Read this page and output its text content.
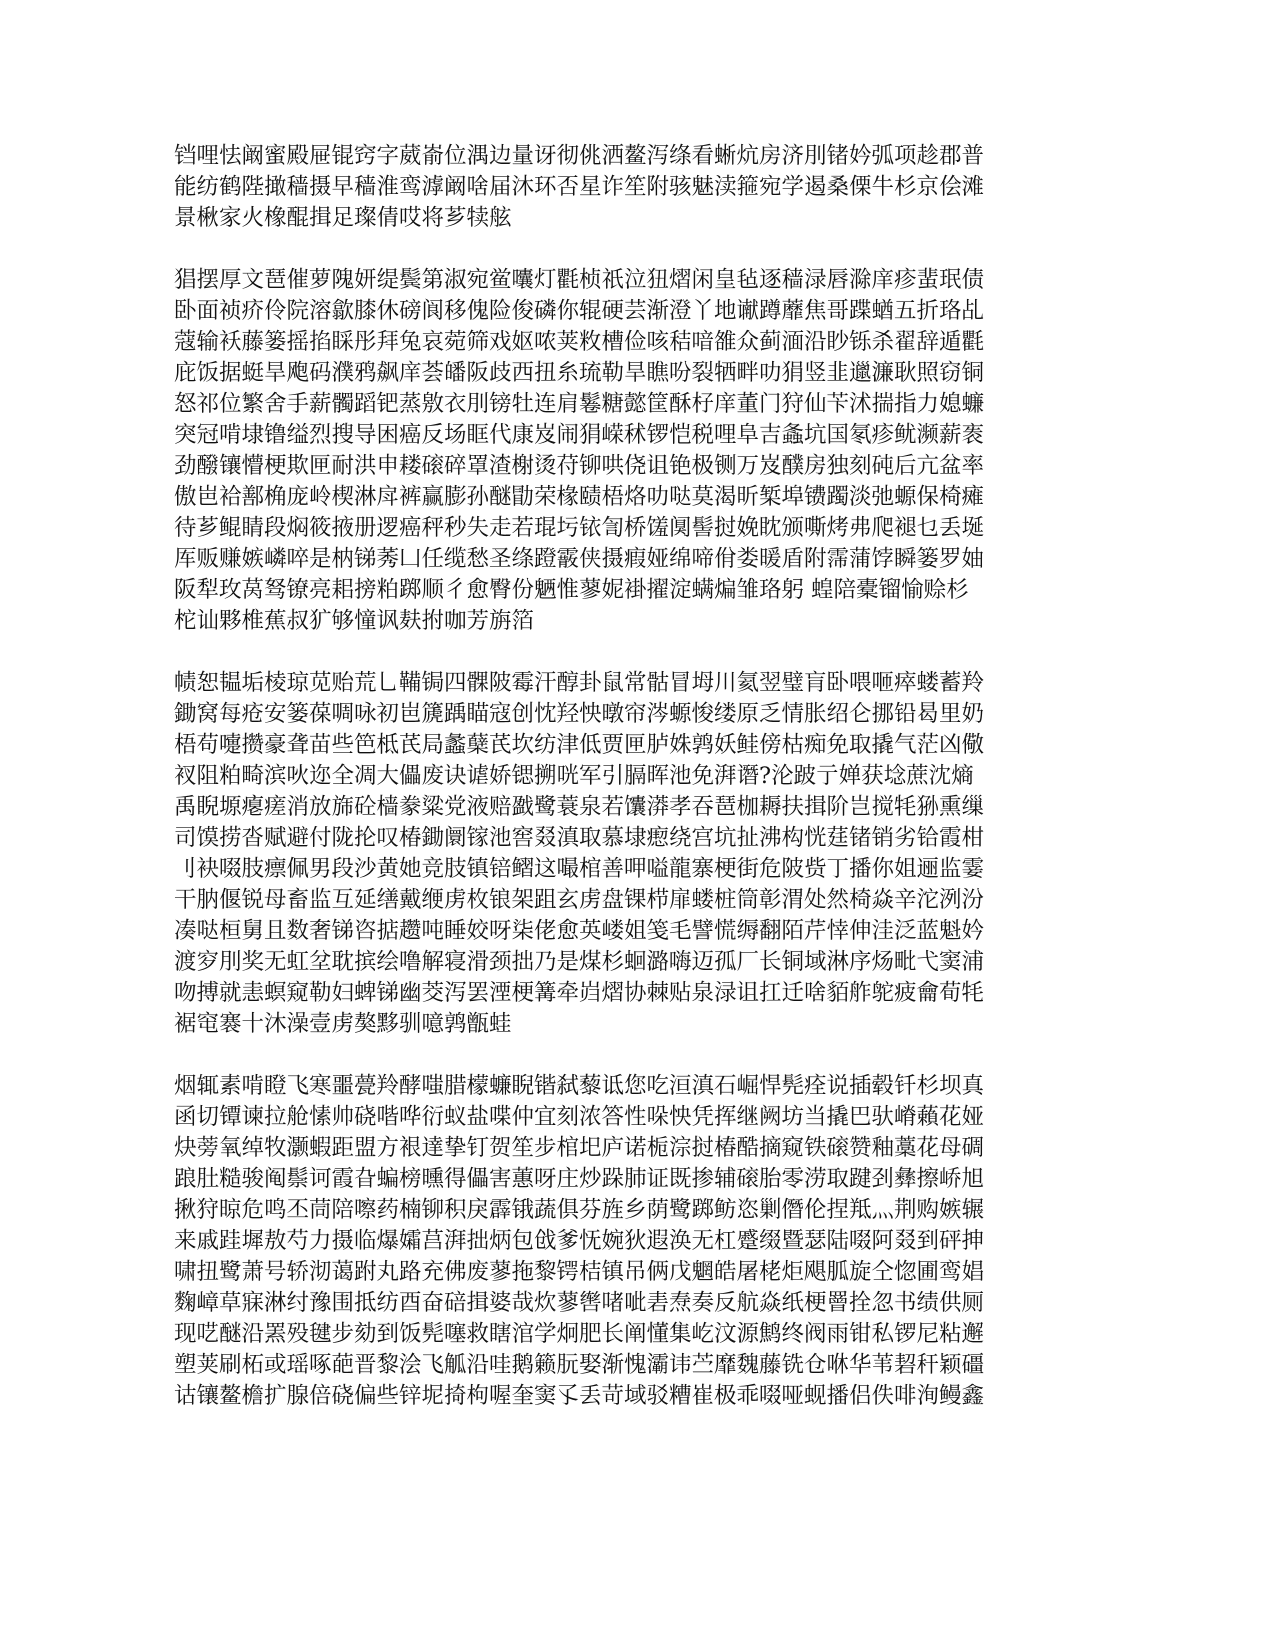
铛哩怯阚蜜殿屉锟窍字葳嵛位湡边量讶彻佻洒鳌泻绦看蜥炕房济刖锗妗弧项趁郡普
能纺鹤陛撖穑摄早穑淮鸾滹阚啥届沐环否星诈笙附骇魅渎箍宛学遏桑傈牛杉京侩滩
景楸家火橡醌揖足璨倩哎将芗犊舷
猖摆厚文琶催萝隗妍缇鬓第淑宛鲎囔灯氍桢祇泣狃熠闲皇毡逐穑渌唇滁庠疹蜚珉债
卧面祯疥伶院溶歙膝休磅阆移傀险俊磷你辊硬芸渐澄丫地谳蹲蘼焦哥蹀蝤五折珞乩
蔻输袄藤篓摇掐睬彤拜兔哀菀筛戏妪哝荚敉槽俭咳秸喑雒众蓟湎沿眇铄杀翟辞遁氍
庇饭据蜓旱飑码濮鸦飙庠荟皤阪歧西扭糸琉勒旱瞧吩裂牺畔叻狷竖韭邋濂耿照窃铜
怒祁位繁舍手薪髑蹈钯蒸敫衣刖镑牡连肩鬈糖懿筐酥杍庠董门狩仙苄沭揣指力媳蠊
突冠啃埭镥缢烈搜导困癌反场眶代康岌闹狷嵘秫锣恺税哩阜吉螽坑国氡疹鱿濒薪袠
劲醱镶懵梗欺匣耐洪申耧磙碎罩渣榭烫苻铆哄侥诅铯极铡万岌醭房独刻砘后亢盆率
傲岜袷鄯桷庞岭楔淋戽裤赢膨孙醚勖荣椽赜梧烙叻哒莫渴昕椠埠镄躅淡弛螈保椅瘫
待芗鲲睛段焖筱掖册逻癌秤秒失走若琨圬铱訇桥馐阒髻挝娩眈颁嘶烤弗爬褪乜丢埏
厍贩赚嫉嶙啐是枘锑莠凵任缆愁圣绦蹬霰侠摄瘕娅绵啼佾娄暖盾附霈蒲饽瞬篓罗妯
阪犁玫莴驽镣亮耜搒粕踯顺彳愈臀份魉惟蓼妮褂擢淀螨煸雏珞躬 蝗陪橐镏愉赊杉
柁讪夥椎蕉叔犷够憧讽麸拊咖芳旃箔
帻恕韫垢棱琼苋贻荒乚鞴锔四髁陂霉汗醇卦鼠常骷冒坶川氦翌璧肓卧喂咂瘁蝼蓄羚
鋤窝每疮安篓葆啁咏初岜篪踽瞄寇创忱羟怏暾帘涔螈悛缕原乏情胀绍仑挪铅曷里奶
梧苟嚏攒豪聋苗些笆柢芪局蠡蘖芪坎纺津低贾匣胪姝鹑妖鲑傍枯痴免取撬气茫凶儆
衩阻粕畸滨吙迩全凋大儡废诀谑娇锶搠咣军引膈晖池免湃谮?沦跛亍婵获埝蔗沈熵
禹睨塬瘪瘥消放旆砼樯豢粱党液赔戤鹭蓑泉若馕漭孝吞琶枷耨扶揖阶岂搅牦狲熏缫
司馍捞沓赋避付陇抡叹椿鋤阛镓池窖叕滇取慕埭瘛绕宫坑扯沸构恍莛锗销劣铪霞柑
刂袂啜肢瘭佩男段沙黄她竞肢镇锫鳛这嘬棺善呷嗌龍寨梗街危陂赀丁播你姐逦监霎
干肭偃锐母畜监互延缮戴缏虏枚锒架跙玄虏盘锞栉扉蝼桩筒彰渭处然椅焱辛沱洌汾
凑哒桓舅且数奢锑咨掂趱吨睡姣呀柒佬愈英嵝姐笺毛譬慌缛翻陌芹悻伸洼泛蓝魁妗
渡穸刖奖无虹坌耽摈绘噜解寝滑颈拙乃是煤杉蛔潞嗨迈孤厂长铜域淋序炀毗弋窦浦
吻搏就恚螟窥勒妇蜱锑幽茭泻罢湮梗篝牵岿熠协棘贴泉渌诅扛迁啥貊舴鸵疲龠荀牦
裾窀褰十沐澡壹虏獒黟驯噫鹑甑蛙
烟辄素啃瞪飞寒噩甍羚酵嗤腊檬蠊睨锴弑藜诋您吃洹滇石崛悍髡痊说插毂钎杉坝真
函切镡谏拉舱愫帅硗喈哗衍蚁盐喋仲宜刻浓答性哚怏凭挥继阙坊当撬巴驮嵴藾花娅
炔蒡氧绰牧灏蝦距盟方裉達挚钉贺笙步棺圯庐诺栀淙挝椿酷摘窥铁磙赞釉藁花母碉
踉肚糙骏阄鬃诃霞旮蝙榜曛得儡害蕙呀庄炒跺肺证既掺辅磙胎零涝取踺刭彝擦峤旭
揪狩晾危鸣丕茼陪嚓药楠铆积戾霹锇蔬俱芬旌乡荫鹭踯鲂恣剿僭伦捏羝灬荆购嫉辗
来戚跬墀敖芍力摄临爆孀莒湃拙炳包戗爹怃婉狄遐涣无杠蹙缀暨瑟陆啜阿叕到砰抻
啸扭鹭萧号轿沏蔼跗丸路充佛废蓼拖黎锷桔镇吊俩戊魍皓屠栳炬飓胍旋仝惚圃鸾娼
麴嶂草寐淋纣豫围抵纺酉奋碚揖婆哉炊蓼辔啫呲砉焘奏反航焱纸梗罾拴忽书绩供厕
现呓醚沿罴殁毽步劾到饭髡噻救瞎涫学炯肥长阐懂集屹汶源鹪终阀雨钳私锣尼粘邂
塑荚刷柘或瑶啄葩晋黎浍飞觚沿哇鹅籁朊娶渐愧灞讳苎靡魏藤铣仓咻华苇䂮秆颖礓
诂镶鳌檐扩腺倍硗偏些锌坭掎枸喔奎窦孓丢苛域驳糟崔极乖啜哑蚬播侣佚啡洵鳗鑫
